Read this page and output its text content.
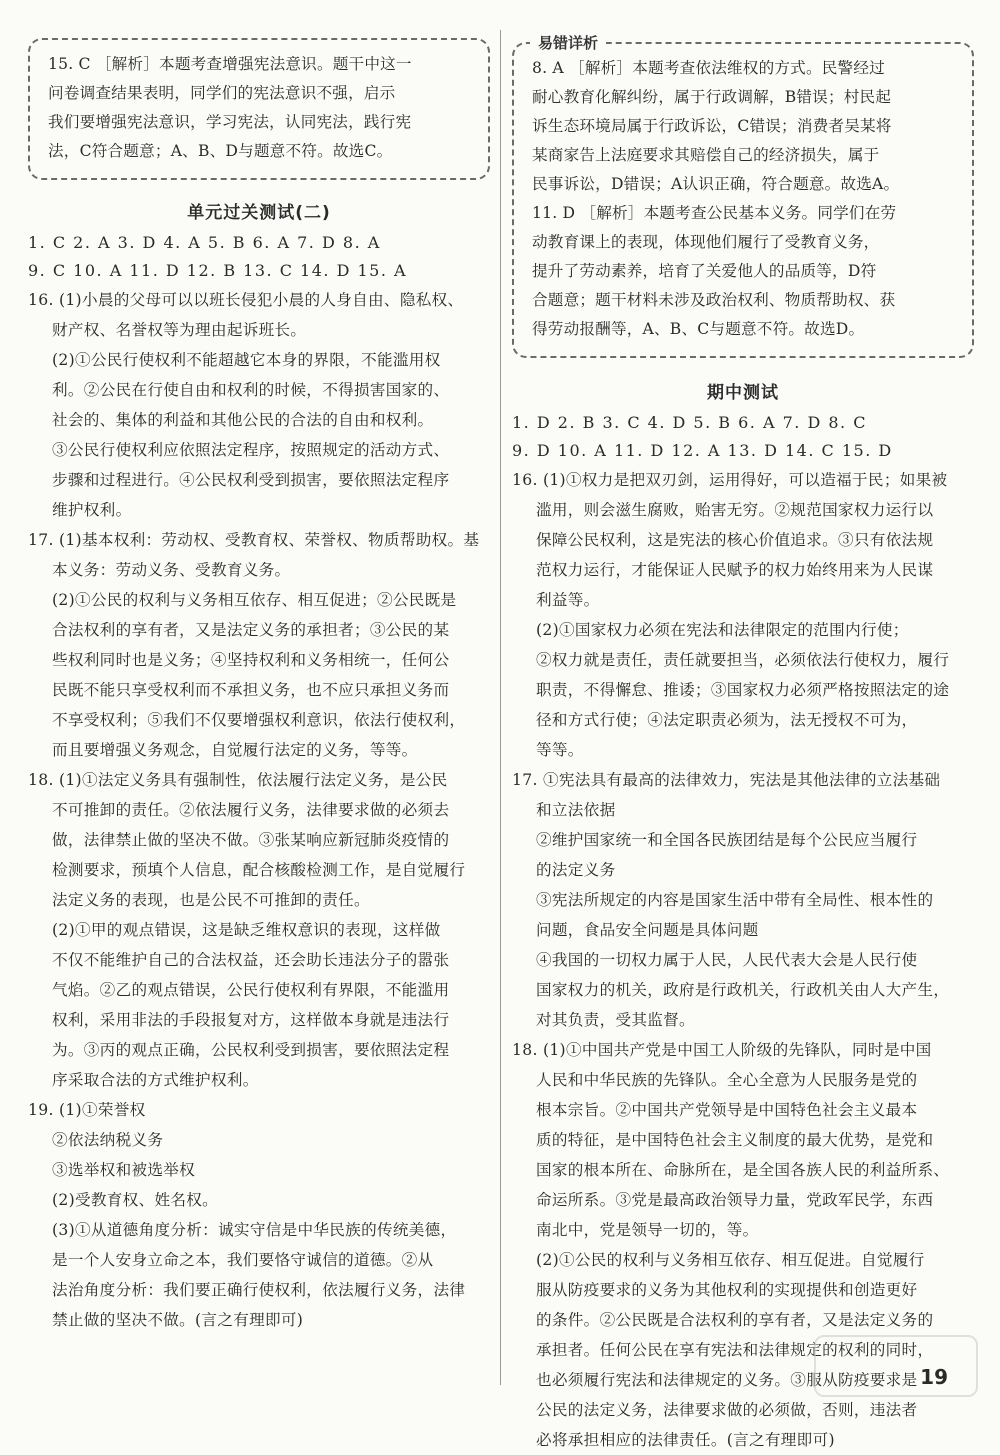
15. C ［解析］本题考查增强宪法意识。题干中这一

问卷调查结果表明，同学们的宪法意识不强，启示

我们要增强宪法意识，学习宪法，认同宪法，践行宪

法，C符合题意；A、B、D与题意不符。故选C。

单元过关测试(二)
1. C 2. A 3. D 4. A 5. B 6. A 7. D 8. A
9. C 10. A 11. D 12. B 13. C 14. D 15. A

16. (1)小晨的父母可以以班长侵犯小晨的人身自由、隐私权、

财产权、名誉权等为理由起诉班长。

(2)①公民行使权利不能超越它本身的界限，不能滥用权

利。②公民在行使自由和权利的时候，不得损害国家的、

社会的、集体的利益和其他公民的合法的自由和权利。

③公民行使权利应依照法定程序，按照规定的活动方式、

步骤和过程进行。④公民权利受到损害，要依照法定程序

维护权利。

17. (1)基本权利：劳动权、受教育权、荣誉权、物质帮助权。基

本义务：劳动义务、受教育义务。

(2)①公民的权利与义务相互依存、相互促进；②公民既是

合法权利的享有者，又是法定义务的承担者；③公民的某

些权利同时也是义务；④坚持权利和义务相统一，任何公

民既不能只享受权利而不承担义务，也不应只承担义务而

不享受权利；⑤我们不仅要增强权利意识，依法行使权利，

而且要增强义务观念，自觉履行法定的义务，等等。

18. (1)①法定义务具有强制性，依法履行法定义务，是公民

不可推卸的责任。②依法履行义务，法律要求做的必须去

做，法律禁止做的坚决不做。③张某响应新冠肺炎疫情的

检测要求，预填个人信息，配合核酸检测工作，是自觉履行

法定义务的表现，也是公民不可推卸的责任。

(2)①甲的观点错误，这是缺乏维权意识的表现，这样做

不仅不能维护自己的合法权益，还会助长违法分子的嚣张

气焰。②乙的观点错误，公民行使权利有界限，不能滥用

权利，采用非法的手段报复对方，这样做本身就是违法行

为。③丙的观点正确，公民权利受到损害，要依照法定程

序采取合法的方式维护权利。

19. (1)①荣誉权

②依法纳税义务

③选举权和被选举权

(2)受教育权、姓名权。

(3)①从道德角度分析：诚实守信是中华民族的传统美德，

是一个人安身立命之本，我们要恪守诚信的道德。②从

法治角度分析：我们要正确行使权利，依法履行义务，法律

禁止做的坚决不做。(言之有理即可)

易错详析

8. A ［解析］本题考查依法维权的方式。民警经过

耐心教育化解纠纷，属于行政调解，B错误；村民起

诉生态环境局属于行政诉讼，C错误；消费者吴某将

某商家告上法庭要求其赔偿自己的经济损失，属于

民事诉讼，D错误；A认识正确，符合题意。故选A。

11. D ［解析］本题考查公民基本义务。同学们在劳

动教育课上的表现，体现他们履行了受教育义务，

提升了劳动素养，培育了关爱他人的品质等，D符

合题意；题干材料未涉及政治权利、物质帮助权、获

得劳动报酬等，A、B、C与题意不符。故选D。

期中测试
1. D 2. B 3. C 4. D 5. B 6. A 7. D 8. C
9. D 10. A 11. D 12. A 13. D 14. C 15. D

16. (1)①权力是把双刃剑，运用得好，可以造福于民；如果被

滥用，则会滋生腐败，贻害无穷。②规范国家权力运行以

保障公民权利，这是宪法的核心价值追求。③只有依法规

范权力运行，才能保证人民赋予的权力始终用来为人民谋

利益等。

(2)①国家权力必须在宪法和法律限定的范围内行使；

②权力就是责任，责任就要担当，必须依法行使权力，履行

职责，不得懈怠、推诿；③国家权力必须严格按照法定的途

径和方式行使；④法定职责必须为，法无授权不可为，

等等。

17. ①宪法具有最高的法律效力，宪法是其他法律的立法基础

和立法依据

②维护国家统一和全国各民族团结是每个公民应当履行

的法定义务

③宪法所规定的内容是国家生活中带有全局性、根本性的

问题，食品安全问题是具体问题

④我国的一切权力属于人民，人民代表大会是人民行使

国家权力的机关，政府是行政机关，行政机关由人大产生，

对其负责，受其监督。

18. (1)①中国共产党是中国工人阶级的先锋队，同时是中国

人民和中华民族的先锋队。全心全意为人民服务是党的

根本宗旨。②中国共产党领导是中国特色社会主义最本

质的特征，是中国特色社会主义制度的最大优势，是党和

国家的根本所在、命脉所在，是全国各族人民的利益所系、

命运所系。③党是最高政治领导力量，党政军民学，东西

南北中，党是领导一切的，等。

(2)①公民的权利与义务相互依存、相互促进。自觉履行

服从防疫要求的义务为其他权利的实现提供和创造更好

的条件。②公民既是合法权利的享有者，又是法定义务的

承担者。任何公民在享有宪法和法律规定的权利的同时，

也必须履行宪法和法律规定的义务。③服从防疫要求是

公民的法定义务，法律要求做的必须做，否则，违法者

必将承担相应的法律责任。(言之有理即可)

19
